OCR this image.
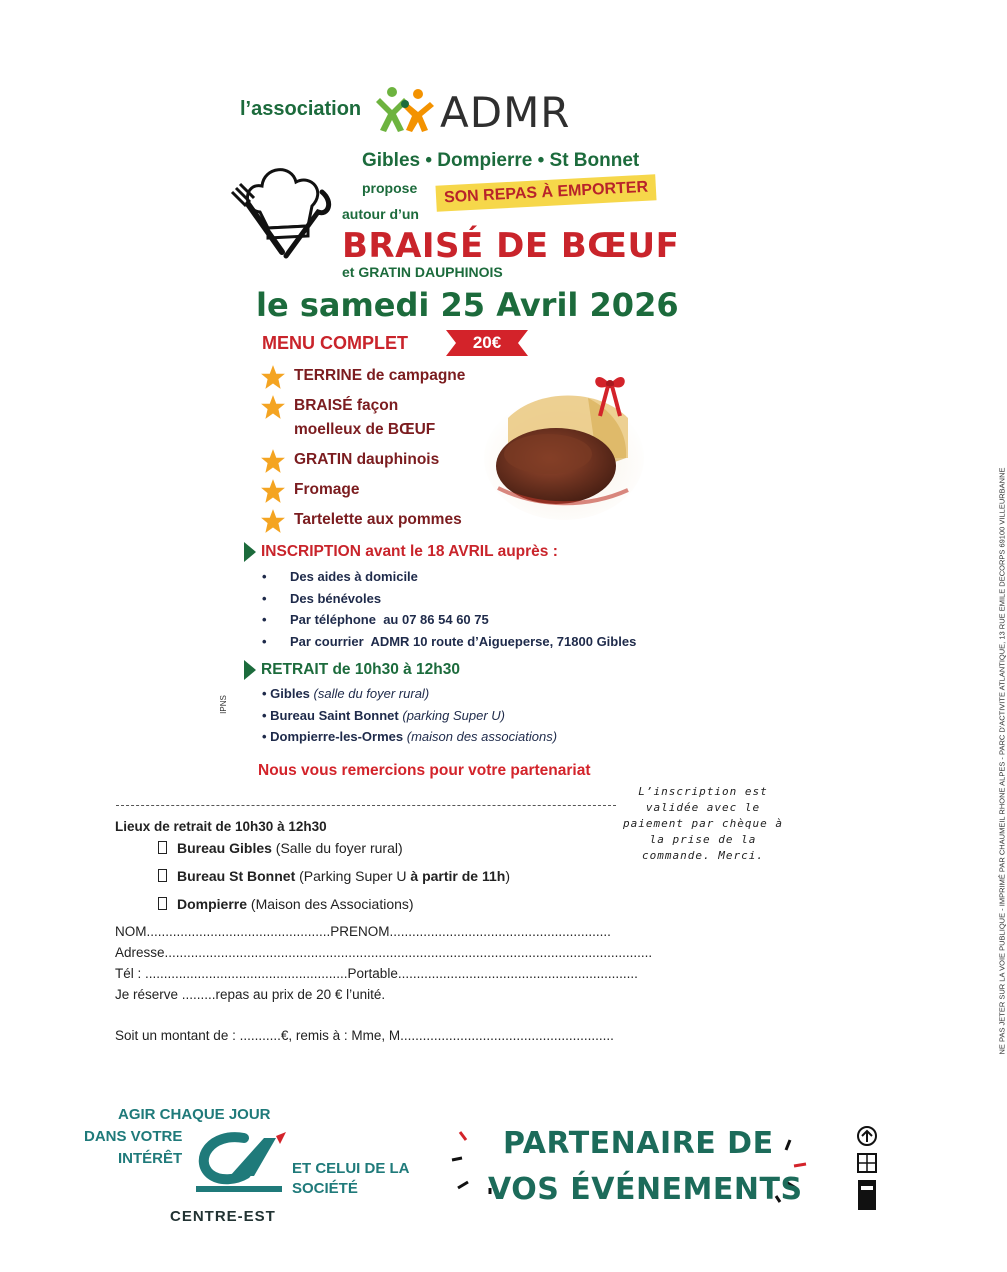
l’association ADMR
Gibles • Dompierre • St Bonnet
propose	SON REPAS À EMPORTER
autour d’un
BRAISÉ DE BŒUF
et GRATIN DAUPHINOIS
le samedi 25 Avril 2026
MENU COMPLET	20€
TERRINE de campagne
BRAISÉ façon moelleux de BŒUF
GRATIN dauphinois
Fromage
Tartelette aux pommes
INSCRIPTION avant le 18 AVRIL auprès :
• Des aides à domicile
• Des bénévoles
• Par téléphone  au 07 86 54 60 75
• Par courrier  ADMR 10 route d’Aigueperse, 71800 Gibles
RETRAIT de 10h30 à 12h30
• Gibles (salle du foyer rural)
• Bureau Saint Bonnet (parking Super U)
• Dompierre-les-Ormes (maison des associations)
IPNS
Nous vous remercions pour votre partenariat
L’inscription est validée avec le paiement par chèque à la prise de la commande. Merci.
Lieux de retrait de 10h30 à 12h30
Bureau Gibles (Salle du foyer rural)
Bureau St Bonnet (Parking Super U à partir de 11h)
Dompierre (Maison des Associations)
NOM.................................................PRENOM...........................................................
Adresse..................................................................................................................................
Tél : ......................................................Portable................................................................
Je réserve .........repas au prix de 20 € l’unité.
Soit un montant de : ...........€, remis à : Mme, M.........................................................
AGIR CHAQUE JOUR
DANS VOTRE
INTÉRÊT
ET CELUI DE LA
SOCIÉTÉ
CENTRE-EST
PARTENAIRE DE
VOS ÉVÉNEMENTS
NE PAS JETER SUR LA VOIE PUBLIQUE - IMPRIMÉ PAR CHAUMEIL RHONE ALPES - PARC D'ACTIVITE ATLANTIQUE, 13 RUE EMILE DECORPS 69100 VILLEURBANNE
